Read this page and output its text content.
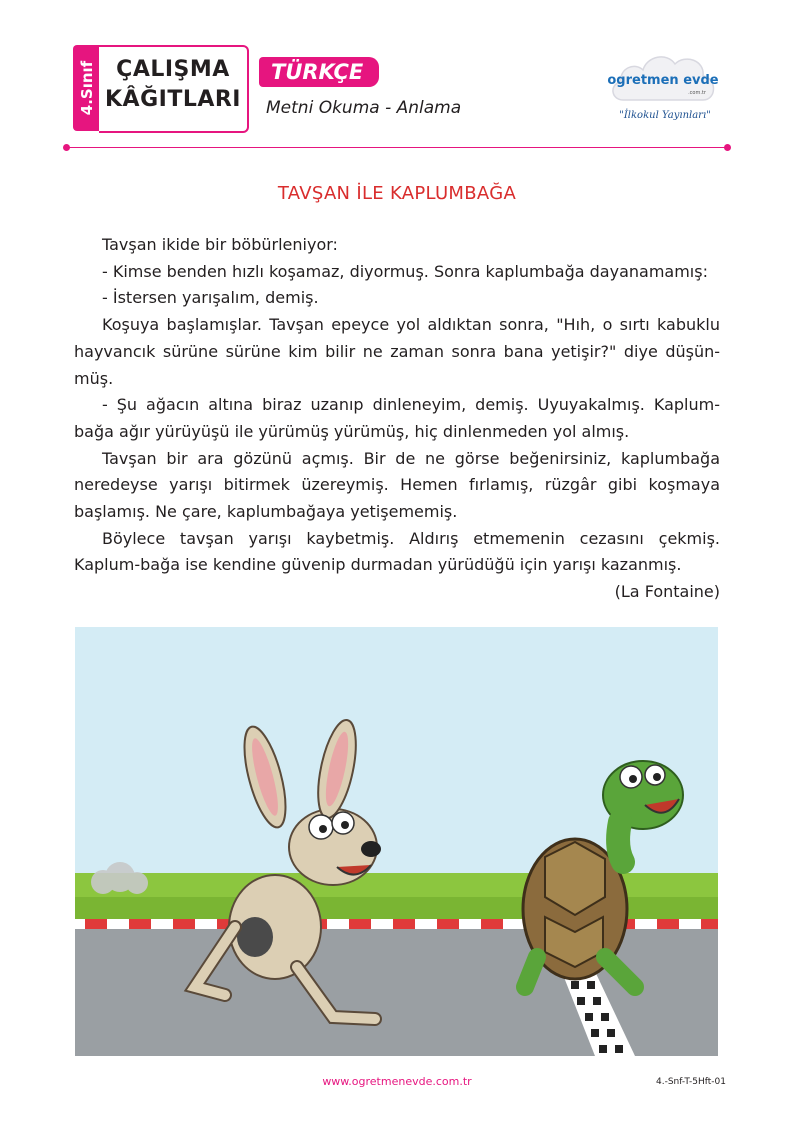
4.Sınıf ÇALIŞMA
KÂĞITLARI
TÜRKÇE
Metni Okuma - Anlama
ogretmen evde
.com.tr
"İlkokul Yayınları"
TAVŞAN İLE KAPLUMBAĞA

Tavşan ikide bir böbürleniyor:

- Kimse benden hızlı koşamaz, diyormuş. Sonra kaplumbağa dayanamamış:

- İstersen yarışalım, demiş.

Koşuya başlamışlar. Tavşan epeyce yol aldıktan sonra, "Hıh, o sırtı kabuklu hayvancık sürüne sürüne kim bilir ne zaman sonra bana yetişir?" diye düşün-müş.

- Şu ağacın altına biraz uzanıp dinleneyim, demiş. Uyuyakalmış. Kaplum-bağa ağır yürüyüşü ile yürümüş yürümüş, hiç dinlenmeden yol almış.

Tavşan bir ara gözünü açmış. Bir de ne görse beğenirsiniz, kaplumbağa neredeyse yarışı bitirmek üzereymiş. Hemen fırlamış, rüzgâr gibi koşmaya başlamış. Ne çare, kaplumbağaya yetişememiş.

Böylece tavşan yarışı kaybetmiş. Aldırış etmemenin cezasını çekmiş. Kaplum-bağa ise kendine güvenip durmadan yürüdüğü için yarışı kazanmış.

(La Fontaine)

www.ogretmenevde.com.tr	4.-Snf-T-5Hft-01
